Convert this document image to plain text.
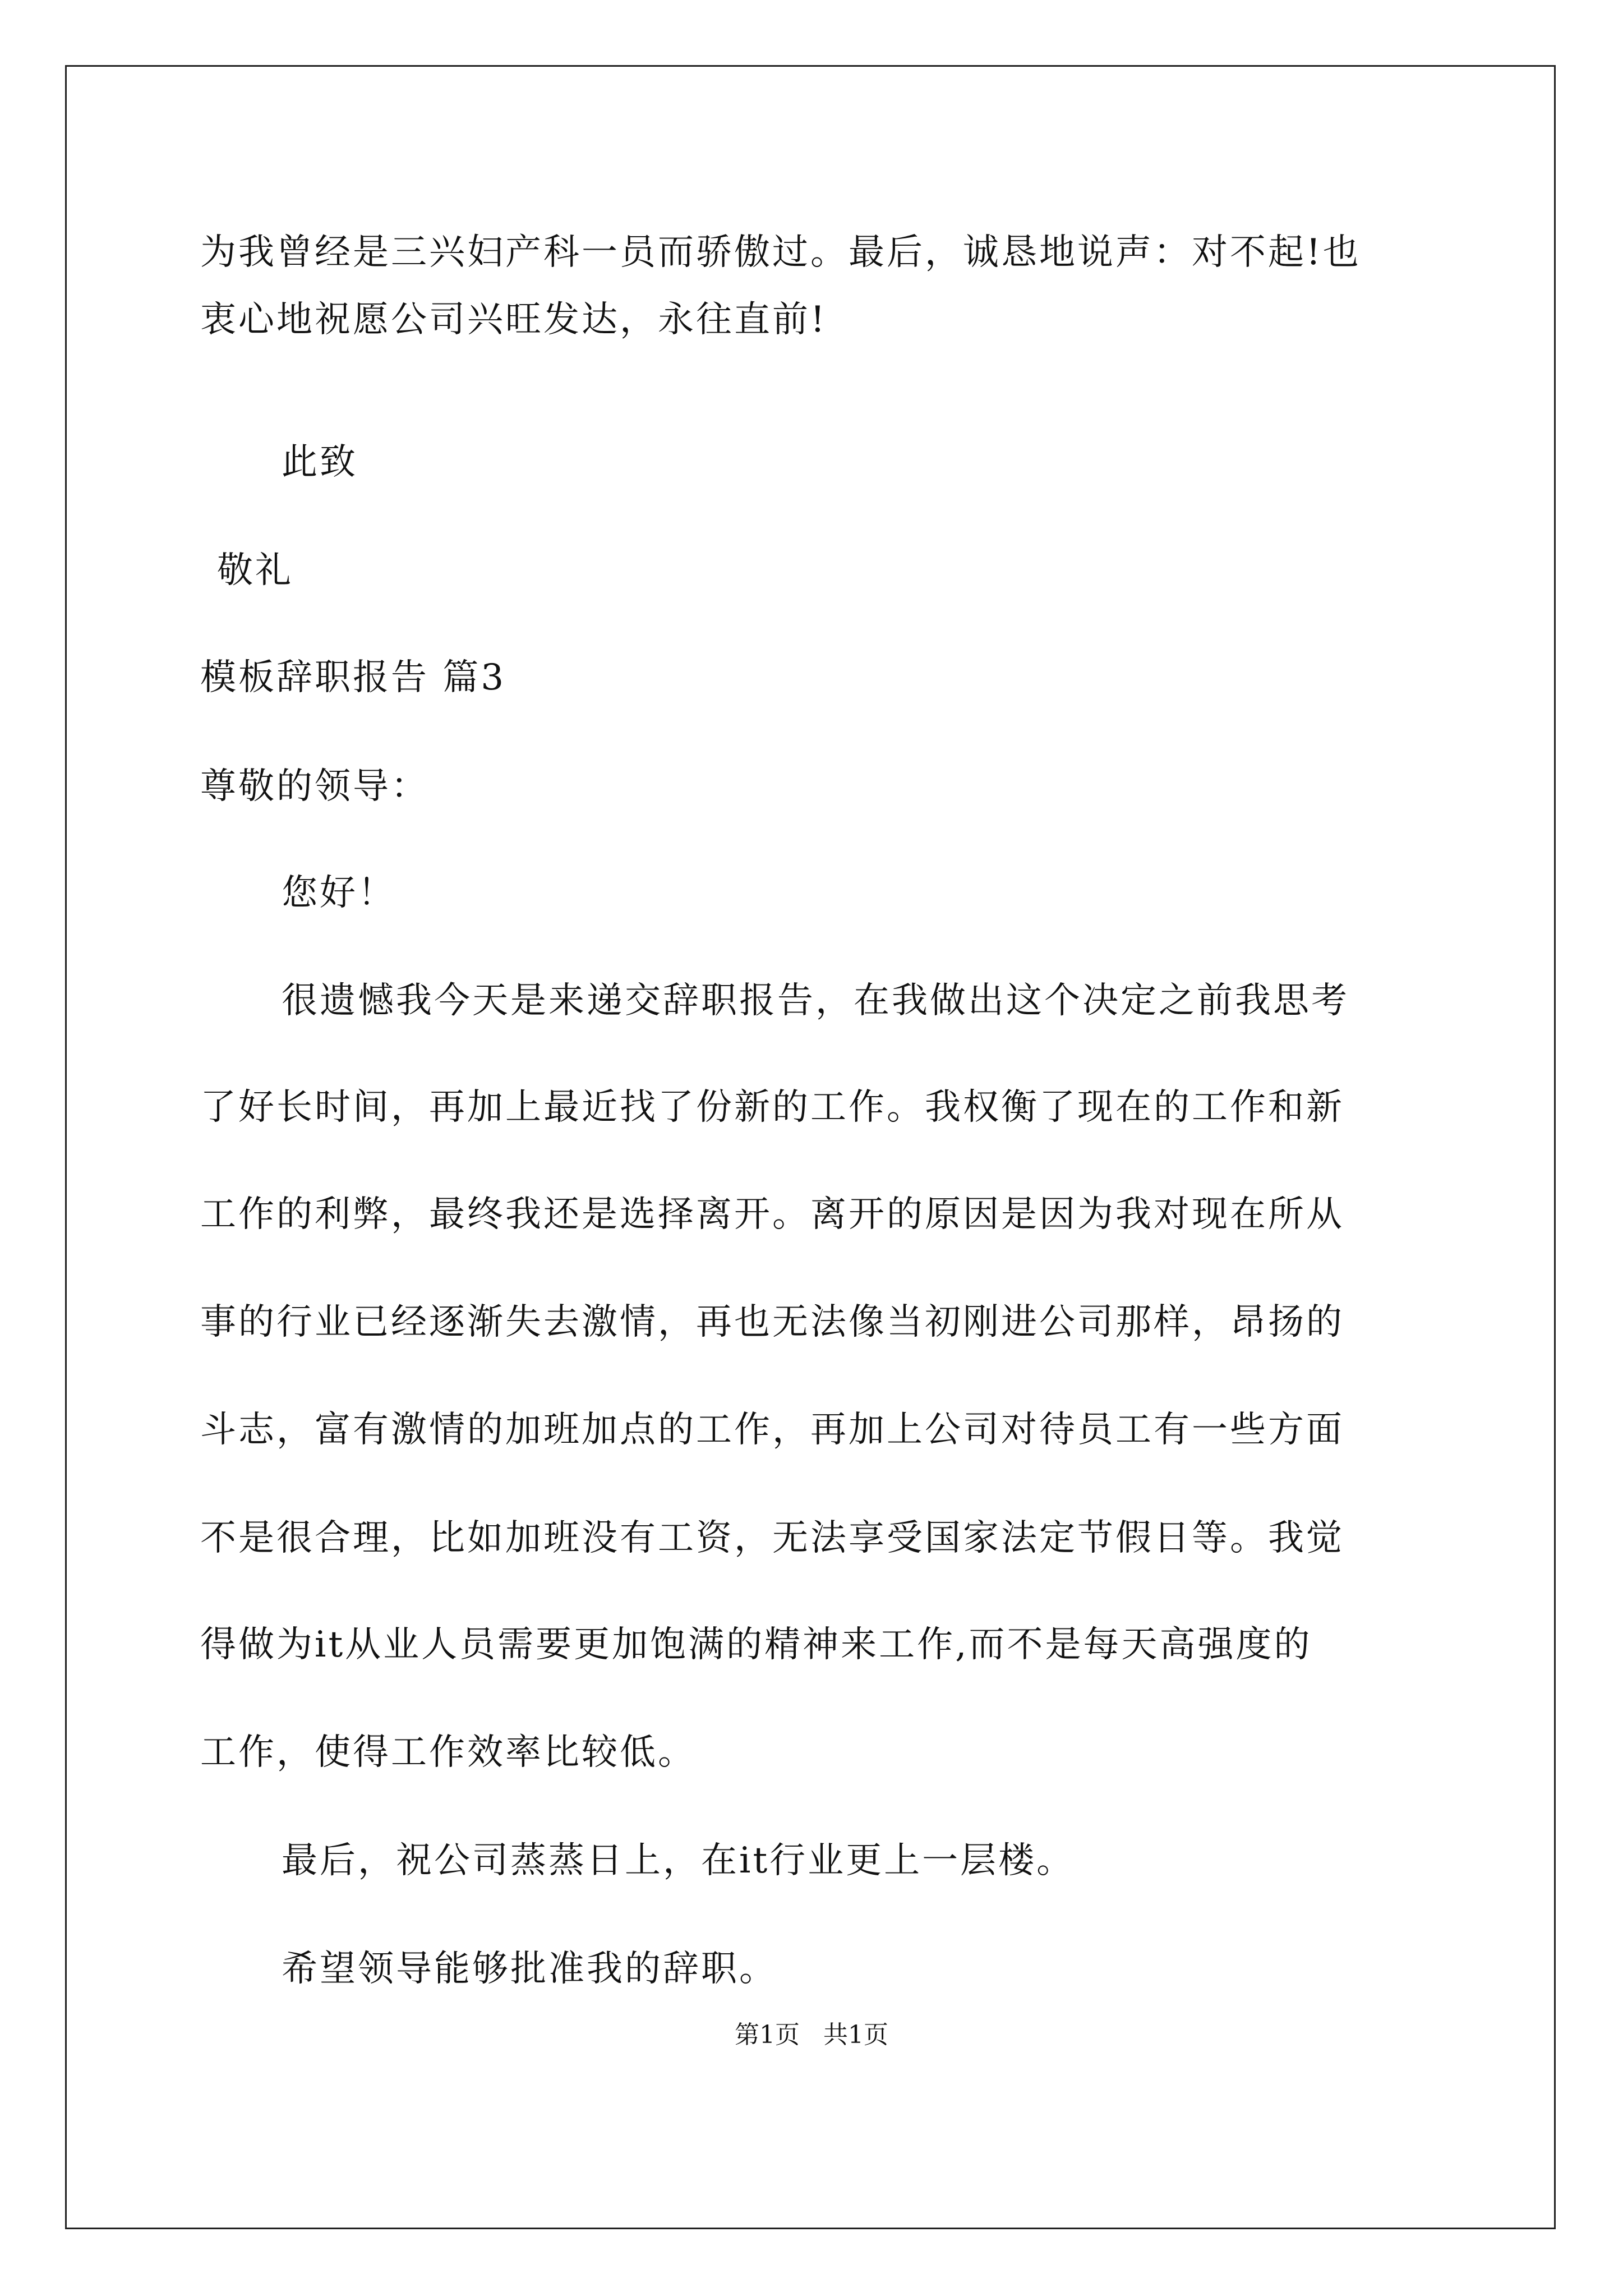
为我曾经是三兴妇产科一员而骄傲过。最后，诚恳地说声：对不起!也
衷心地祝愿公司兴旺发达，永往直前!
此致
敬礼
模板辞职报告 篇3
尊敬的领导：
您好！
很遗憾我今天是来递交辞职报告，在我做出这个决定之前我思考
了好长时间，再加上最近找了份新的工作。我权衡了现在的工作和新
工作的利弊，最终我还是选择离开。离开的原因是因为我对现在所从
事的行业已经逐渐失去激情，再也无法像当初刚进公司那样，昂扬的
斗志，富有激情的加班加点的工作，再加上公司对待员工有一些方面
不是很合理，比如加班没有工资，无法享受国家法定节假日等。我觉
得做为it从业人员需要更加饱满的精神来工作,而不是每天高强度的
工作，使得工作效率比较低。
最后，祝公司蒸蒸日上，在it行业更上一层楼。
希望领导能够批准我的辞职。
第1页   共1页
